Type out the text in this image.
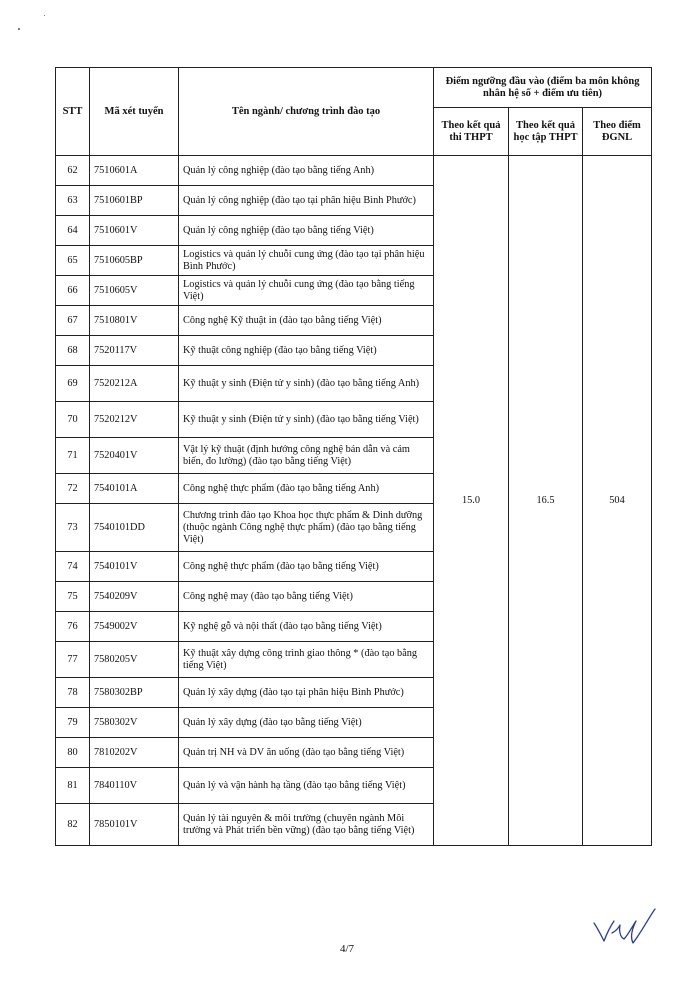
STT	Mã xét tuyển	Tên ngành/ chương trình đào tạo	Điểm ngưỡng đầu vào (điểm ba môn không nhân hệ số + điểm ưu tiên)		
			Theo kết quả thi THPT	Theo kết quả học tập THPT	Theo điểm ĐGNL
62	7510601A	Quản lý công nghiệp (đào tạo bằng tiếng Anh)	15.0	16.5	504
63	7510601BP	Quản lý công nghiệp (đào tạo tại phân hiệu Bình Phước)			
64	7510601V	Quản lý công nghiệp (đào tạo bằng tiếng Việt)			
65	7510605BP	Logistics và quản lý chuỗi cung ứng (đào tạo tại phân hiệu Bình Phước)			
66	7510605V	Logistics và quản lý chuỗi cung ứng (đào tạo bằng tiếng Việt)			
67	7510801V	Công nghệ Kỹ thuật in (đào tạo bằng tiếng Việt)			
68	7520117V	Kỹ thuật công nghiệp (đào tạo bằng tiếng Việt)			
69	7520212A	Kỹ thuật y sinh (Điện tử y sinh) (đào tạo bằng tiếng Anh)			
70	7520212V	Kỹ thuật y sinh (Điện tử y sinh) (đào tạo bằng tiếng Việt)			
71	7520401V	Vật lý kỹ thuật (định hướng công nghệ bán dẫn và cảm biến, đo lường) (đào tạo bằng tiếng Việt)			
72	7540101A	Công nghệ thực phẩm (đào tạo bằng tiếng Anh)			
73	7540101DD	Chương trình đào tạo Khoa học thực phẩm & Dinh dưỡng (thuộc ngành Công nghệ thực phẩm) (đào tạo bằng tiếng Việt)			
74	7540101V	Công nghệ thực phẩm (đào tạo bằng tiếng Việt)			
75	7540209V	Công nghệ may (đào tạo bằng tiếng Việt)			
76	7549002V	Kỹ nghệ gỗ và nội thất (đào tạo bằng tiếng Việt)			
77	7580205V	Kỹ thuật xây dựng công trình giao thông * (đào tạo bằng tiếng Việt)			
78	7580302BP	Quản lý xây dựng (đào tạo tại phân hiệu Bình Phước)			
79	7580302V	Quản lý xây dựng (đào tạo bằng tiếng Việt)			
80	7810202V	Quản trị NH và DV ăn uống (đào tạo bằng tiếng Việt)			
81	7840110V	Quản lý và vận hành hạ tầng (đào tạo bằng tiếng Việt)			
82	7850101V	Quản lý tài nguyên & môi trường (chuyên ngành Môi trường và Phát triển bền vững) (đào tạo bằng tiếng Việt)			
4/7
